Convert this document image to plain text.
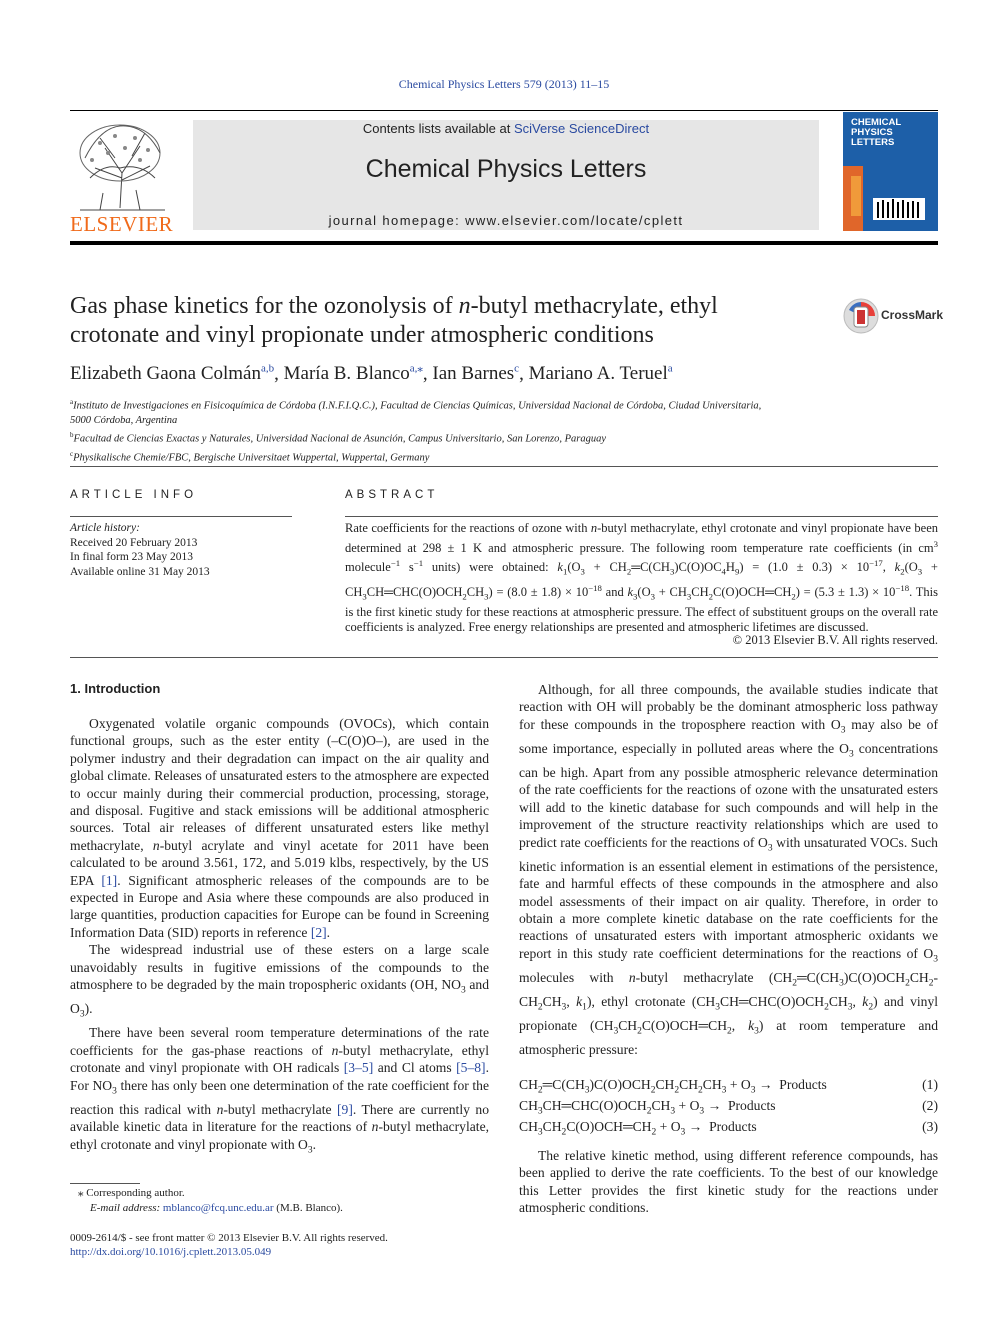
Chemical Physics Letters 579 (2013) 11–15
ELSEVIER
Contents lists available at SciVerse ScienceDirect
Chemical Physics Letters
journal homepage: www.elsevier.com/locate/cplett
CHEMICAL
PHYSICS
LETTERS
Gas phase kinetics for the ozonolysis of n-butyl methacrylate, ethyl
crotonate and vinyl propionate under atmospheric conditions
CrossMark
Elizabeth Gaona Colmán$^{a,b}$, María B. Blanco$^{a,⁎}$, Ian Barnes$^c$, Mariano A. Teruel$^a$
$^a$Instituto de Investigaciones en Fisicoquímica de Córdoba (I.N.F.I.Q.C.), Facultad de Ciencias Químicas, Universidad Nacional de Córdoba, Ciudad Universitaria,
5000 Córdoba, Argentina
$^b$Facultad de Ciencias Exactas y Naturales, Universidad Nacional de Asunción, Campus Universitario, San Lorenzo, Paraguay
$^c$Physikalische Chemie/FBC, Bergische Universitaet Wuppertal, Wuppertal, Germany
ARTICLE INFO
Article history:
Received 20 February 2013
In final form 23 May 2013
Available online 31 May 2013
ABSTRACT
Rate coefficients for the reactions of ozone with n-butyl methacrylate, ethyl crotonate and vinyl propionate have been determined at 298 ± 1 K and atmospheric pressure. The following room temperature rate coefficients (in $cm^3$ molecule$^{-1}$ $s^{-1}$ units) were obtained: $k_1(O_3$ + $CH_2═C(CH_3)C(O)OC_4H_9) = (1.0 \pm 0.3) \times 10^{-17}$, $k_2(O_3$ + $CH_3CH═CHC(O)OCH_2CH_3) = (8.0 \pm 1.8) \times 10^{-18}$ and $k_3(O_3$ + $CH_3CH_2C(O)OCH═CH_2) = (5.3 \pm 1.3) \times 10^{-18}$. This is the first kinetic study for these reactions at atmospheric pressure. The effect of substituent groups on the overall rate coefficients is analyzed. Free energy relationships are presented and atmospheric lifetimes are discussed.
© 2013 Elsevier B.V. All rights reserved.
1. Introduction

Oxygenated volatile organic compounds (OVOCs), which contain functional groups, such as the ester entity (–C(O)O–), are used in the polymer industry and their degradation can impact on the air quality and global climate. Releases of unsaturated esters to the atmosphere are expected to occur mainly during their commercial production, processing, storage, and disposal. Fugitive and stack emissions will be additional atmospheric sources. Total air releases of different unsaturated esters like methyl methacrylate, n-butyl acrylate and vinyl acetate for 2011 have been calculated to be around 3.561, 172, and 5.019 klbs, respectively, by the US EPA [1]. Significant atmospheric releases of the compounds are to be expected in Europe and Asia where these compounds are also produced in large quantities, production capacities for Europe can be found in Screening Information Data (SID) reports in reference [2].

The widespread industrial use of these esters on a large scale unavoidably results in fugitive emissions of the compounds to the atmosphere to be degraded by the main tropospheric oxidants (OH, $NO_3$ and $O_3$).

There have been several room temperature determinations of the rate coefficients for the gas-phase reactions of n-butyl methacrylate, ethyl crotonate and vinyl propionate with OH radicals [3–5] and Cl atoms [5–8]. For $NO_3$ there has only been one determination of the rate coefficient for the reaction this radical with n-butyl methacrylate [9]. There are currently no available kinetic data in literature for the reactions of n-butyl methacrylate, ethyl crotonate and vinyl propionate with $O_3$.

⁎ Corresponding author.
E-mail address: mblanco@fcq.unc.edu.ar (M.B. Blanco).
0009-2614/$ - see front matter © 2013 Elsevier B.V. All rights reserved.
http://dx.doi.org/10.1016/j.cplett.2013.05.049

Although, for all three compounds, the available studies indicate that reaction with OH will probably be the dominant atmospheric loss pathway for these compounds in the troposphere reaction with $O_3$ may also be of some importance, especially in polluted areas where the $O_3$ concentrations can be high. Apart from any possible atmospheric relevance determination of the rate coefficients for the reactions of ozone with the unsaturated esters will add to the kinetic database for such compounds and will help in the improvement of the structure reactivity relationships which are used to predict rate coefficients for the reactions of $O_3$ with unsaturated VOCs. Such kinetic information is an essential element in estimations of the persistence, fate and harmful effects of these compounds in the atmosphere and also model assessments of their impact on air quality. Therefore, in order to obtain a more complete kinetic database on the rate coefficients for the reactions of unsaturated esters with important atmospheric oxidants we report in this study rate coefficient determinations for the reactions of $O_3$ molecules with n-butyl methacrylate ($CH_2═C(CH_3)C(O)OCH_2CH_2-CH_2CH_3$, $k_1$), ethyl crotonate ($CH_3CH═CHC(O)OCH_2CH_3$, $k_2$) and vinyl propionate ($CH_3CH_2C(O)OCH═CH_2$, $k_3$) at room temperature and atmospheric pressure:

$CH_2═C(CH_3)C(O)OCH_2CH_2CH_2CH_3 + O_3$ →  Products	(1)
$CH_3CH═CHC(O)OCH_2CH_3 + O_3$ →  Products	(2)
$CH_3CH_2C(O)OCH═CH_2 + O_3$ →  Products	(3)

The relative kinetic method, using different reference compounds, has been applied to derive the rate coefficients. To the best of our knowledge this Letter provides the first kinetic study for the reactions under atmospheric conditions.
